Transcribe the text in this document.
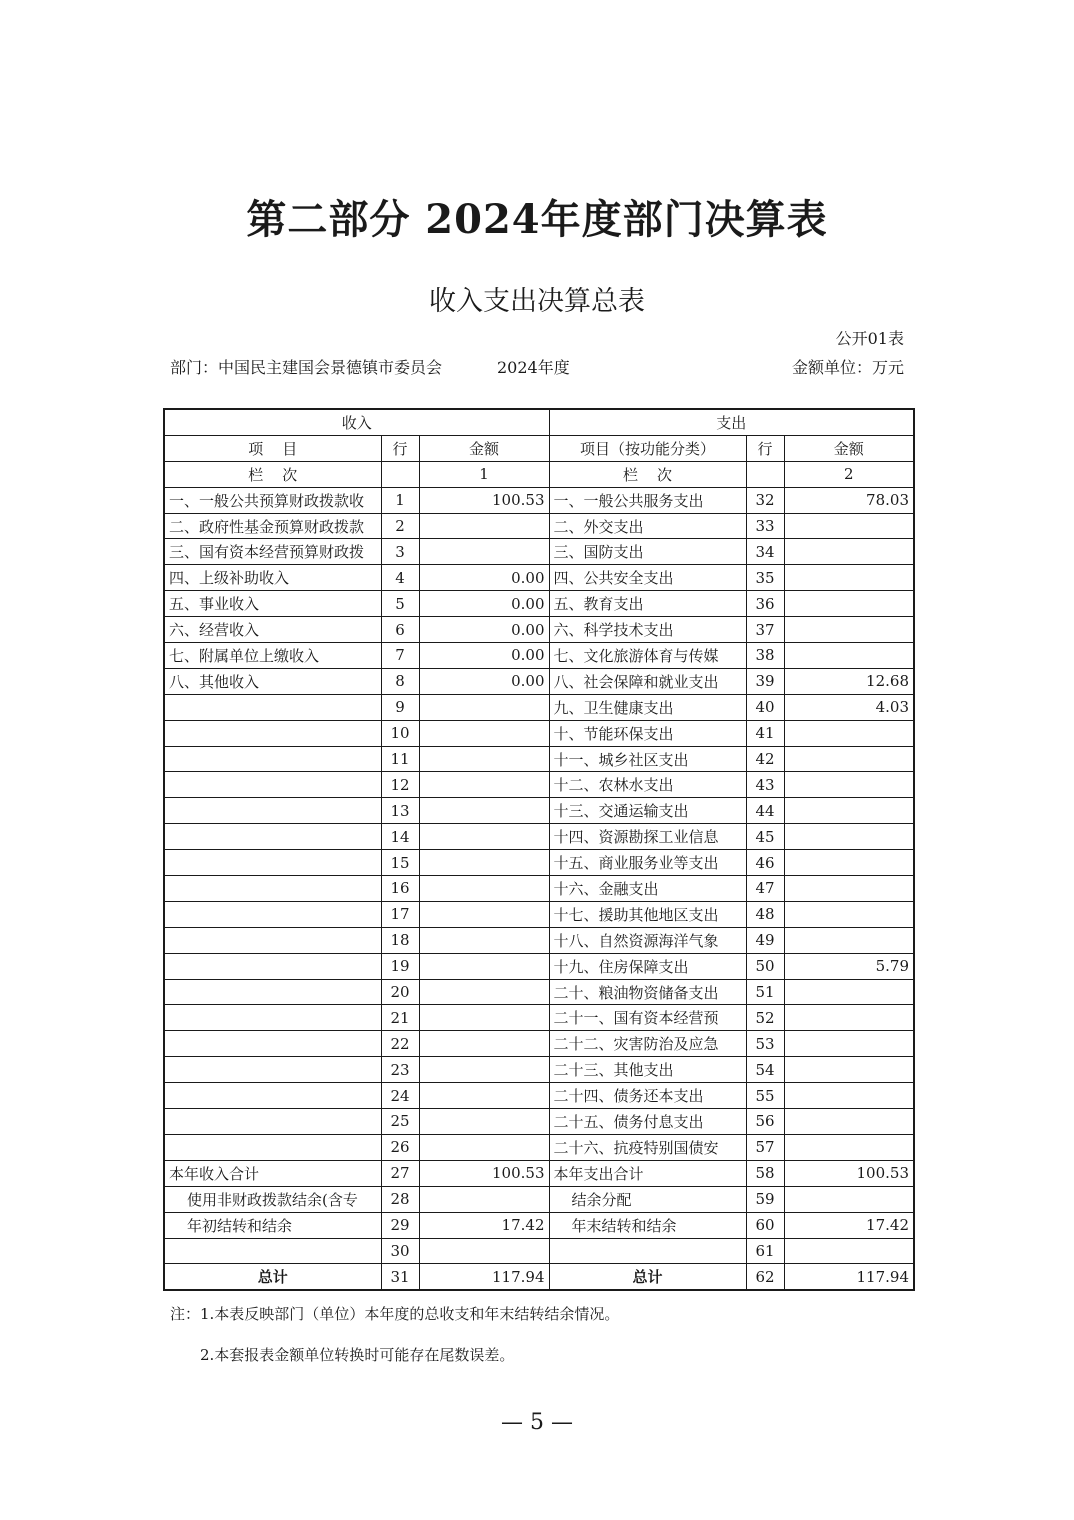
第二部分 2024年度部门决算表
收入支出决算总表
公开01表
部门：中国民主建国会景德镇市委员会	2024年度	金额单位：万元
收入			支出		
项    目	行	金额	项目（按功能分类）	行	金额
栏    次		1	栏    次		2
一、一般公共预算财政拨款收	1	100.53	一、一般公共服务支出	32	78.03
二、政府性基金预算财政拨款	2		二、外交支出	33	
三、国有资本经营预算财政拨	3		三、国防支出	34	
四、上级补助收入	4	0.00	四、公共安全支出	35	
五、事业收入	5	0.00	五、教育支出	36	
六、经营收入	6	0.00	六、科学技术支出	37	
七、附属单位上缴收入	7	0.00	七、文化旅游体育与传媒	38	
八、其他收入	8	0.00	八、社会保障和就业支出	39	12.68
	9		九、卫生健康支出	40	4.03
	10		十、节能环保支出	41	
	11		十一、城乡社区支出	42	
	12		十二、农林水支出	43	
	13		十三、交通运输支出	44	
	14		十四、资源勘探工业信息	45	
	15		十五、商业服务业等支出	46	
	16		十六、金融支出	47	
	17		十七、援助其他地区支出	48	
	18		十八、自然资源海洋气象	49	
	19		十九、住房保障支出	50	5.79
	20		二十、粮油物资储备支出	51	
	21		二十一、国有资本经营预	52	
	22		二十二、灾害防治及应急	53	
	23		二十三、其他支出	54	
	24		二十四、债务还本支出	55	
	25		二十五、债务付息支出	56	
	26		二十六、抗疫特别国债安	57	
本年收入合计	27	100.53	本年支出合计	58	100.53
使用非财政拨款结余(含专	28		结余分配	59	
年初结转和结余	29	17.42	年末结转和结余	60	17.42
	30			61	
总计	31	117.94	总计	62	117.94
注：1.本表反映部门（单位）本年度的总收支和年末结转结余情况。
2.本套报表金额单位转换时可能存在尾数误差。
— 5 —
